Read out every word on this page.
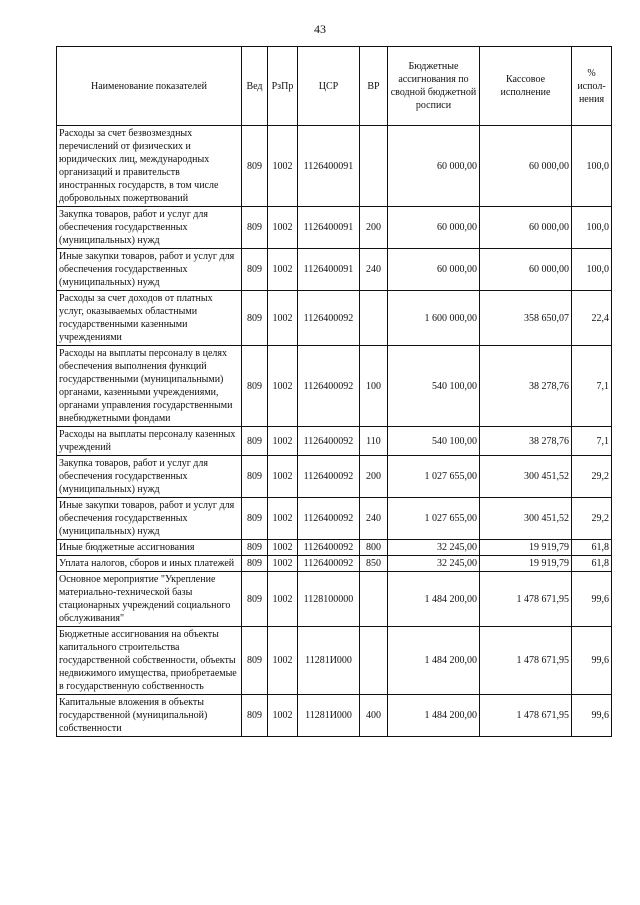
43
Наименование показателей	Вед	РзПр	ЦСР	ВР	Бюджетные ассигнования по сводной бюджетной росписи	Кассовое исполнение	% испол-нения
Расходы за счет безвозмездных перечислений от физических и юридических лиц, международных организаций и правительств иностранных государств, в том числе добровольных пожертвований	809	1002	1126400091		60 000,00	60 000,00	100,0
Закупка товаров, работ и услуг для обеспечения государственных (муниципальных) нужд	809	1002	1126400091	200	60 000,00	60 000,00	100,0
Иные закупки товаров, работ и услуг для обеспечения государственных (муниципальных) нужд	809	1002	1126400091	240	60 000,00	60 000,00	100,0
Расходы за счет доходов от платных услуг, оказываемых областными государственными казенными учреждениями	809	1002	1126400092		1 600 000,00	358 650,07	22,4
Расходы на выплаты персоналу в целях обеспечения выполнения функций государственными (муниципальными) органами, казенными учреждениями, органами управления государственными внебюджетными фондами	809	1002	1126400092	100	540 100,00	38 278,76	7,1
Расходы на выплаты персоналу казенных учреждений	809	1002	1126400092	110	540 100,00	38 278,76	7,1
Закупка товаров, работ и услуг для обеспечения государственных (муниципальных) нужд	809	1002	1126400092	200	1 027 655,00	300 451,52	29,2
Иные закупки товаров, работ и услуг для обеспечения государственных (муниципальных) нужд	809	1002	1126400092	240	1 027 655,00	300 451,52	29,2
Иные бюджетные ассигнования	809	1002	1126400092	800	32 245,00	19 919,79	61,8
Уплата налогов, сборов и иных платежей	809	1002	1126400092	850	32 245,00	19 919,79	61,8
Основное мероприятие "Укрепление материально-технической базы стационарных учреждений социального обслуживания"	809	1002	1128100000		1 484 200,00	1 478 671,95	99,6
Бюджетные ассигнования на объекты капитального строительства государственной собственности, объекты недвижимого имущества, приобретаемые в государственную собственность	809	1002	11281И000		1 484 200,00	1 478 671,95	99,6
Капитальные вложения в объекты государственной (муниципальной) собственности	809	1002	11281И000	400	1 484 200,00	1 478 671,95	99,6
